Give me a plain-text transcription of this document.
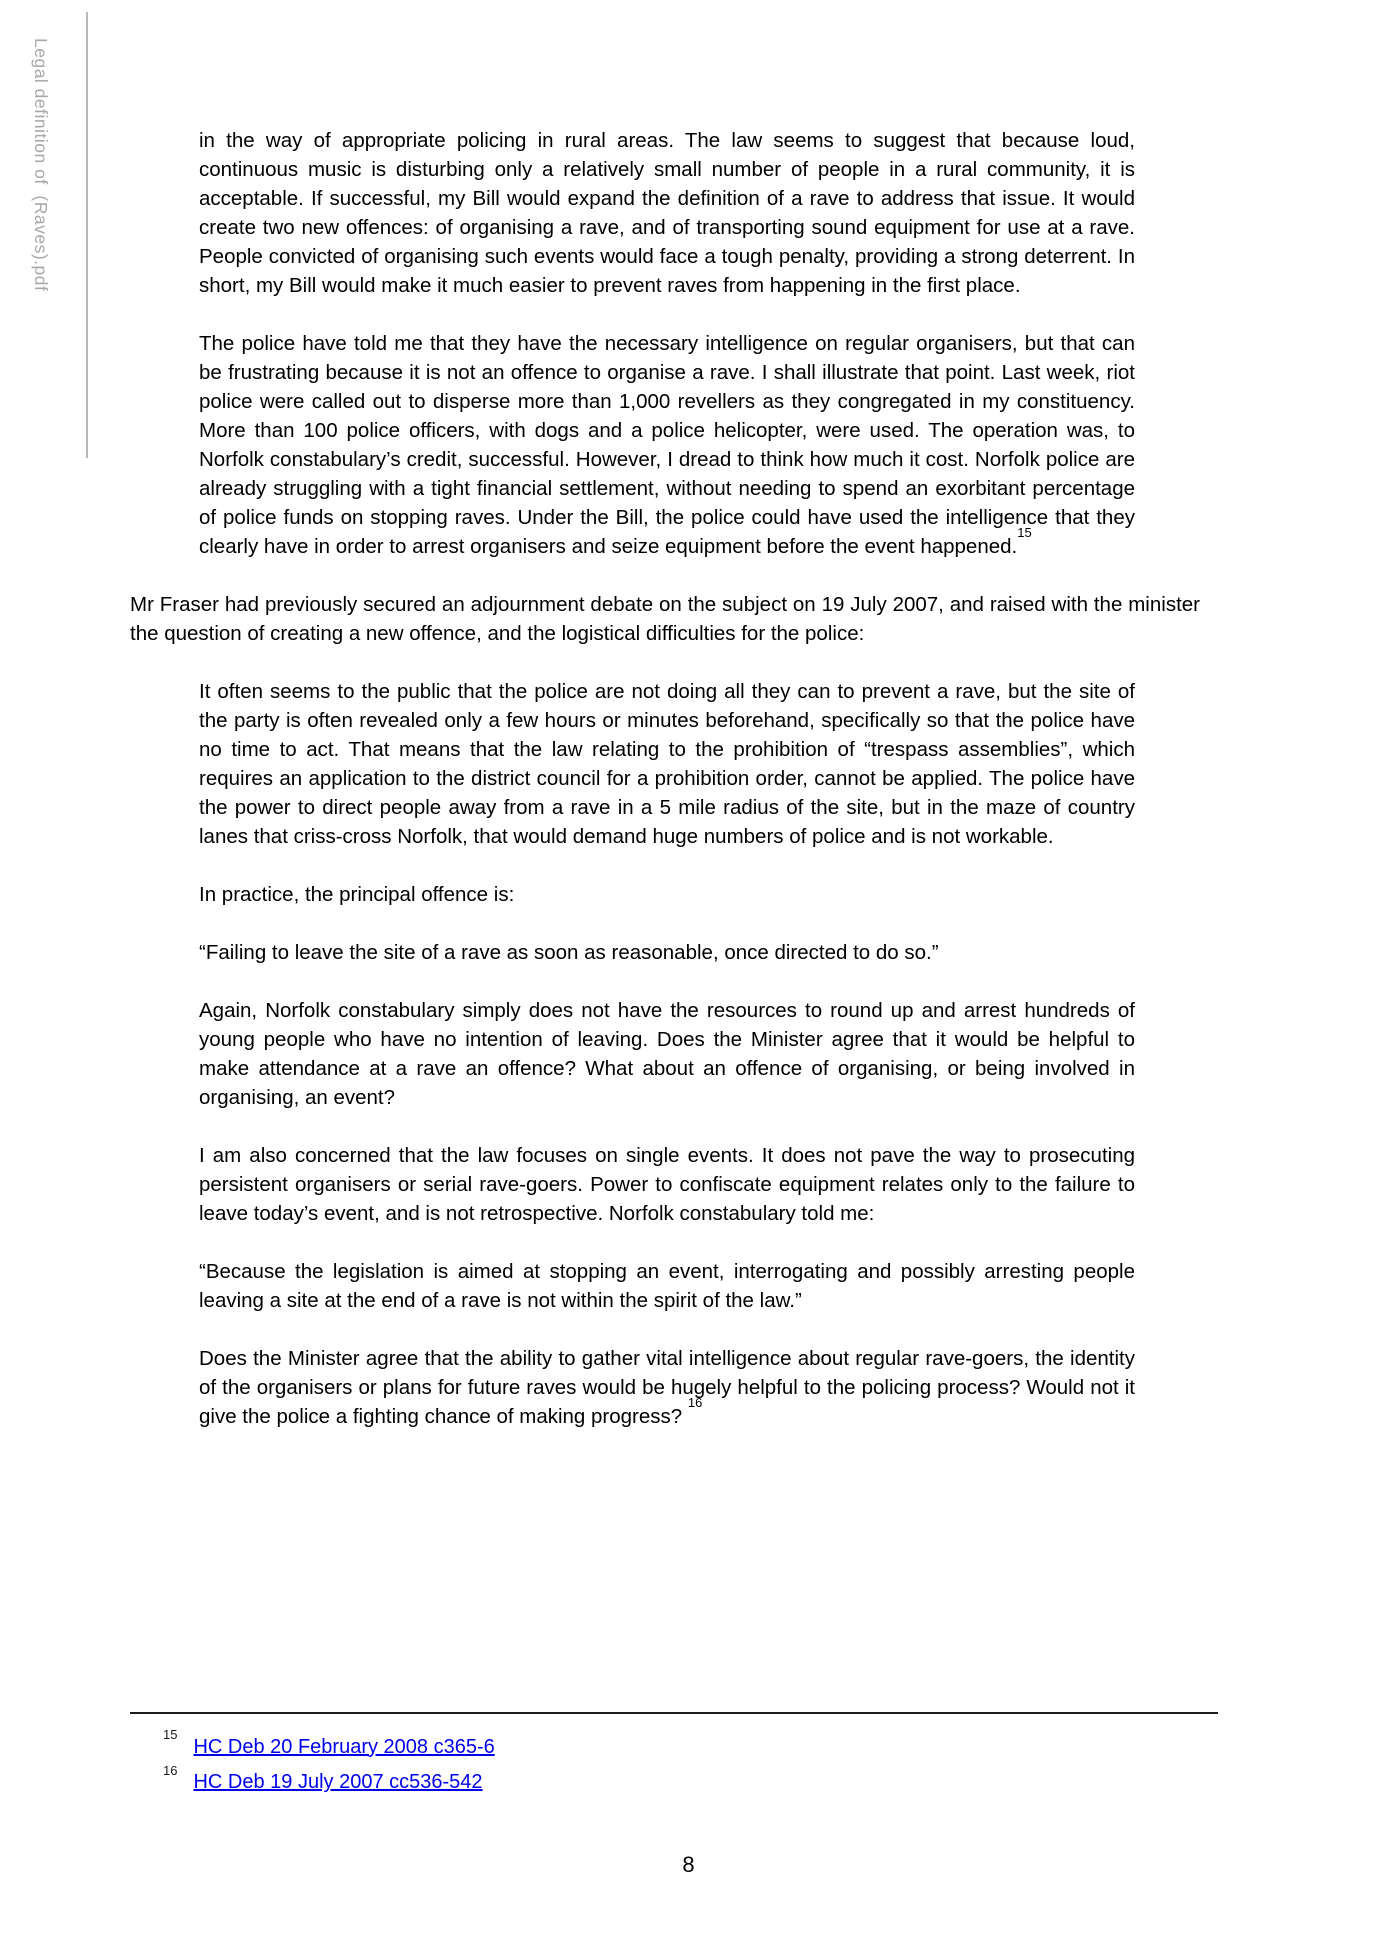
Legal definition of  (Raves).pdf	in the way of appropriate policing in rural areas. The law seems to suggest that because loud, continuous music is disturbing only a relatively small number of people in a rural community, it is acceptable. If successful, my Bill would expand the definition of a rave to address that issue. It would create two new offences: of organising a rave, and of transporting sound equipment for use at a rave. People convicted of organising such events would face a tough penalty, providing a strong deterrent. In short, my Bill would make it much easier to prevent raves from happening in the first place.

The police have told me that they have the necessary intelligence on regular organisers, but that can be frustrating because it is not an offence to organise a rave. I shall illustrate that point. Last week, riot police were called out to disperse more than 1,000 revellers as they congregated in my constituency. More than 100 police officers, with dogs and a police helicopter, were used. The operation was, to Norfolk constabulary’s credit, successful. However, I dread to think how much it cost. Norfolk police are already struggling with a tight financial settlement, without needing to spend an exorbitant percentage of police funds on stopping raves. Under the Bill, the police could have used the intelligence that they clearly have in order to arrest organisers and seize equipment before the event happened.$^{15}$

Mr Fraser had previously secured an adjournment debate on the subject on 19 July 2007, and raised with the minister the question of creating a new offence, and the logistical difficulties for the police:

It often seems to the public that the police are not doing all they can to prevent a rave, but the site of the party is often revealed only a few hours or minutes beforehand, specifically so that the police have no time to act. That means that the law relating to the prohibition of “trespass assemblies”, which requires an application to the district council for a prohibition order, cannot be applied. The police have the power to direct people away from a rave in a 5 mile radius of the site, but in the maze of country lanes that criss-cross Norfolk, that would demand huge numbers of police and is not workable.

In practice, the principal offence is:

“Failing to leave the site of a rave as soon as reasonable, once directed to do so.”

Again, Norfolk constabulary simply does not have the resources to round up and arrest hundreds of young people who have no intention of leaving. Does the Minister agree that it would be helpful to make attendance at a rave an offence? What about an offence of organising, or being involved in organising, an event?

I am also concerned that the law focuses on single events. It does not pave the way to prosecuting persistent organisers or serial rave-goers. Power to confiscate equipment relates only to the failure to leave today’s event, and is not retrospective. Norfolk constabulary told me:

“Because the legislation is aimed at stopping an event, interrogating and possibly arresting people leaving a site at the end of a rave is not within the spirit of the law.”

Does the Minister agree that the ability to gather vital intelligence about regular rave-goers, the identity of the organisers or plans for future raves would be hugely helpful to the policing process? Would not it give the police a fighting chance of making progress? $^{16}$

$^{15}$HC Deb 20 February 2008 c365-6
$^{16}$HC Deb 19 July 2007 cc536-542
8
